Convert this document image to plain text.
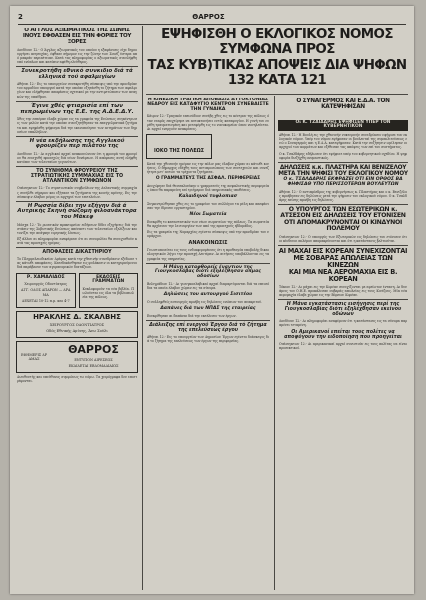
2	ΘΑΡΡΟΣ

Ο ΑΓΓΛΟΣ ΑΞΙΩΜΑΤΙΚΟΣ ΤΗΣ ΣΩΝΗΣ ΙΝΟΥΣ ΕΦΘΑΣΕΝ ΕΙΣ ΤΗΝ ΦΟΡΙΕΣ ΤΟΥ ΞΟΡΕΣ

Λονδίνον 12.- Ο Άγγλος αξιωματικός του οποίου η εξαφάνισις είχε δημιουργήσει ανησυχίας, έφθασε σήμερον εις την ζώνην των Σουέζ ύστερα από μακράν περιπέτειαν. Κατά τας πληροφορίας ο αξιωματικός συνελήφθη υπό ενόπλων και κατόπιν αφέθη ελεύθερος.

Συνεκροτήθη εθνικό συνκιδιο διά τά ελληνικά τού αφαλμιγίων

Αθήναι 12.- Εις το υπουργείον συνεκροτήθη σύσκεψις υπό την προεδρίαν του αρμοδίου υπουργού κατά την οποίαν εξητάσθη το ζήτημα των αφαλμιγίων και ελήφθησαν αποφάσεις σχετικαί με την αντιμετώπισιν των αναγκών της υπαίθρου.

Έγινε χθές φτιαρισία επί των πεπρωμένων της Ε.Ε. της Α.Δ.Ε.Δ.Υ.

Χθες την εσπέραν έλαβε χώραν εις τα γραφεία της Ενώσεως συγκέντρωσις των μελών κατά την οποίαν συνεζητήθησαν τα επαγγελματικά ζητήματα και εψηφίσθη ψήφισμα διά την ικανοποίησιν των αιτημάτων των δημοσίων υπαλλήλων.

Η νέα εκδήλωσης της Αγγλικού φρουρίζεν περ πιλάτου της

Λονδίνον 12.- Αι αγγλικαί αρχαί ανακοινώνουν ότι η φρουρά του φρουρίου θα ενισχυθή προσεχώς διά νέων δυνάμεων. Η απόφασις αυτή ελήφθη κατόπιν των τελευταίων γεγονότων.

ΤΟ ΣΥΝΗΘΜΑ ΦΡΟΥΡΕΙΟΥ ΤΗΣ ΣΤΡΑΤΙΩΤΙΚΗΣ ΣΥΜΜΑΧΙΑΣ ΕΙΣ ΤΟ ΑΤΛΑΝΤΙΚΟΝ ΣΥΜΦΩΝΟΝ

Ουάσιγκτων 12.- Το στρατιωτικόν συμβούλιον της Ατλαντικής συμμαχίας συνήλθε σήμερον και εξήτασε τα ζητήματα της κοινής αμύνης. Εις την σύσκεψιν έλαβον μέρος οι αρχηγοί των επιτελείων.

Η Ρωσσία δίδει την εξήγην διά ά Αυτρικής Σκηνή σώζομη φιλοανάκτορα του Μάκεφ

Μόσχα 12.- Το ρωσσικόν πρακτορείον ειδήσεων δίδει εξηγήσεις διά την στάσιν της Σοβιετικής Ενώσεως απέναντι των τελευταίων εξελίξεων και τονίζει την ανάγκην ειρηνικής λύσεως.

Εξ άλλου αι πληροφορίαι αναφέρουν ότι αι συνομιλίαι θα συνεχισθούν κατά τας προσεχείς ημέρας.

ΑΠΟΦΑΣΕΙΣ ΔΙΚΑΣΤΗΡΙΟΥ

Το Πλημμελειοδικείον Δράμας κατά την χθεσινήν συνεδρίασιν εξέδωσε τας κάτωθι αποφάσεις. Κατεδικάσθησαν εις φυλάκισιν οι κατηγορούμενοι διά παράβασιν των αγορανομικών διατάξεων.

Ρ. ΧΑΜΑΛΙΔΟΣ

Χειρουργός Οδοντίατρος

ΑΓΓ. ΟΔΟΣ ΑΠΑΡΩΝ — ΔΡΑΜΑ

ΔΕΧΕΤΑΙ 10-12 π.μ. και 4-7

ΕΚΔΟΣΕΙΣ ΓΡΑΜΜΑΤΩΝ

Κυκλοφορούν τα νέα βιβλία. Πωλούνται εις όλα τα βιβλιοπωλεία της πόλεως.

ΗΡΑΚΛΗΣ Δ. ΣΚΑΛΒΗΣ

ΧΕΙΡΟΥΡΓΟΣ ΟΔΟΝΤΙΑΤΡΟΣ

Οδός Εθνικής Αμύνης, Άνω Σούλι

ΕΦΗΜΕΡΙΣ ΔΡΑΜΑΣ

ΘΑΡΡΟΣ

ΕΝΤΥΠΟΝ ΑΙΡΕΣΕΩΣ

ΕΚΔΙΔΕΤΑΙ ΕΒΔΟΜΑΔΙΑΙΩΣ

Διευθυντής και υπεύθυνος συμφώνως τω νόμω. Τα χειρόγραφα δεν επιστρέφονται.

ΕΨΗΦΙΣΘΗ Ο ΕΚΛΟΓΙΚΟΣ ΝΟΜΟΣ ΣΥΜΦΩΝΑ ΠΡΟΣ

ΤΑΣ ΚΥΒ)ΤΙΚΑΣ ΑΠΟΨΕΙΣ ΔΙΑ ΨΗΦΩΝ 132 ΚΑΤΑ 121

Η ΚΙΝΕΖΙΚΗ ΤΡΑΓΙΚΗ ΑΠΟΒΑΣΙΣ ΑΥΤΟΚΤΟΝΙΑΣ ΝΕΑΡΟΥ ΕΙΣ ΚΑΤΑΦΥΓΙΟ ΚΕΝΤΡΟΝ ΣΥΝΕΒΑΙΣΤΕ ΤΗΝ ΓΥΝΑΙΚΑ

Κάιρον 12.- Τραγικόν επεισόδιον συνέβη χθες εις το κέντρον της πόλεως όταν νεαρός επεχείρησε να αυτοκτονήσει εντός καταφυγίου. Η γυνή του ευρέθη τραυματισμένη και μετεφέρθη εις το νοσοκομείον όπου νοσηλεύεται. Αι αρχαί ενεργούν ανακρίσεις.

ΙΟΚΟ ΤΗΣ ΠΟΛΕΩΣ

Κατά την χθεσινήν ημέραν εις την πόλιν μας έλαβον χώραν αι κάτωθι κινήσεις. Ο δήμαρχος εδέχθη τους αντιπροσώπους των συντεχνιών και συνεζήτησε μετ' αυτών τα τρέχοντα ζητήματα.

Ο ΓΡΑΜΜΑΤΕΥΣ ΤΗΣ ΑΣΦΑΛ. ΠΕΡΙΦΕΡΕΙΑΣ

Ανεχώρησε διά Θεσσαλονίκην ο γραμματεύς της ασφαλιστικής περιφερείας όπου θα παραμείνη επί τριήμερον διά υπηρεσιακάς υποθέσεις.

Καλαιδηνοί τυφλοπιασ

Συγκεντρώθησαν χθες εις το γραφείον του συλλόγου τα μέλη και απεφάσισαν την ίδρυσιν εργαστηρίου.

Νέοι Σωματεία

Ενεκρίθη το καταστατικόν των νέων σωματείων της πόλεως. Τα σωματεία θα αρχίσουν την λειτουργίαν των από της προσεχούς εβδομάδος.

Εις τα γραφεία της Νομαρχίας εγένετο σύσκεψις υπό την προεδρίαν του νομάρχου.

ΑΝΑΚΟΙΝΩΣΙΣ

Γνωστοποιείται εις τους ενδιαφερομένους ότι η προθεσμία υποβολής δικαιολογητικών λήγει την προσεχή Δευτέραν. Αι αιτήσεις υποβάλλονται εις τα γραφεία της υπηρεσίας.

Η Μάνη καταφθορείς έναντιον της Γιουγκοσλάβας διότι εξηλέζθησαν απμας οδοσίων

Βελιγράδιον 12.- Αι γιουγκοσλαβικαί αρχαί διαμαρτύρονται διά τα επεισόδια τα οποία έλαβον χώραν εις τα σύνορα.

Δηλώσεις του αυτουργού Σισιτέου

Ο συλληφθείς αυτουργός προέβη εις δηλώσεις ενώπιον του ανακριτού.

Δαπάνες διά των ΝΠΑΣ της εταιρείας

Ενεκρίθησαν αι δαπάναι διά την εκτέλεσιν των έργων.

Διάλειξης επί ενεργού Έργου διά τό ζήτημα της επελεύσεως έργου

Αθήναι 12.- Εις το υπουργείον των Δημοσίων Έργων εγένετο διάσκεψις διά το ζήτημα της επελεύσεως των έργων της περιφερείας.

Ο ΣΥΝΑΓΕΡΜΟΣ ΚΑΙ Ε.Δ.Α. ΤΟΝ ΚΑΤΕΨΗΦΙΣΑΝ

Οι Κ. ΤΖΑΙΔΑΡΗΣ ΕΨΗΦΙΣΕΝ ΥΠΕΡ ΤΟΝ ΚΥΒΕΡΝΗΤΙΚΟΝ

Αθήναι 12.- Η Βουλή εις την χθεσινήν νυκτερινήν συνεδρίασιν εψήφισε τον εκλογικόν νόμον. Υπέρ του νόμου εψήφισαν οι βουλευταί της συμπολιτεύσεως ενώ ο Συναγερμός και η Ε.Δ.Α. κατεψήφισαν. Κατά την συζήτησιν ωμίλησαν οι αρχηγοί των κομμάτων και εξέθεσαν τας απόψεις των επί του συστήματος.

Ο κ. Τσαλδάρης εδήλωσεν ότι εψήφισε υπέρ του κυβερνητικού σχεδίου. Η ψηφοφορία διεξήχθη ονομαστικώς.

ΔΗΛΩΣΕΙΣ κ.κ. ΠΛΑΣΤΗΡΑ ΚΑΙ ΒΕΝΙΖΕΛΟΥ ΜΕΤΑ ΤΗΝ ΨΗΦΙΣΙ ΤΟΥ ΕΚΛΟΓΙΚΟΥ ΝΟΜΟΥ

Ο κ. ΤΣΑΛΔΑΡΗΣ ΕΚΦΡΑΖΕΙ ΟΤΙ ΕΙΝ ΟΡΘΟΣ ΒΑ ΦΗΦΙΣΑΘ ΥΠΟ ΠΕΡΙΣΣΟΤΕΡΩΝ ΒΟΥΛΕΥΤΩΝ

Αθήναι 12.- Ο αντιπρόεδρος της κυβερνήσεως κ. Πλαστήρας και ο κ. Βενιζέλος προέβησαν εις δηλώσεις μετά την ψήφισιν του εκλογικού νόμου. Ο κ. Τσαλδάρης επίσης προέβη εις δηλώσεις.

Ο ΥΠΟΥΡΓΟΣ ΤΩΝ ΕΣΩΤΕΡΙΚΩΝ κ. ΑΤΣΕΣΟΝ ΕΙΣ ΔΗΛΩΣΕΙΣ ΤΟΥ ΕΤΟΝΙΣΕΝ ΟΤΙ ΑΠΟΜΑΚΡΥΝΟΝΤΑΙ ΟΙ ΚΙΝΔΥΝΟΙ ΠΟΛΕΜΟΥ

Ουάσιγκτων 12.- Ο υπουργός των Εξωτερικών εις δηλώσεις του ετόνισεν ότι οι κίνδυνοι πολέμου απομακρύνονται και ότι η κατάστασις βελτιούται.

ΑΙ ΜΑΧΑΙ ΕΙΣ ΚΟΡΕΑΝ ΣΥΝΕΧΙΖΟΝΤΑΙ ΜΕ ΣΟΒΑΡΑΣ ΑΠΩΛΕΙΑΣ ΤΩΝ ΚΙΝΕΖΩΝ

ΚΑΙ ΜΙΑ ΝΕΑ ΑΕΡΟΜΑΧΙΑ ΕΙΣ Β. ΚΟΡΕΑΝ

Τόκιον 12.- Αι μάχαι εις την Κορέαν συνεχίζονται με αμείωτον ένταση. Αι δυνάμεις του Ο.Η.Ε. προκάλεσαν σοβαράς απωλείας εις τους Κινέζους. Μία νέα αερομαχία έλαβε χώραν εις την Βόρειον Κορέαν.

Η Μάνα εγκατάστασις εισήγησις περί της Γιουγκοσλαβίας διότι εξηλέχθησαν εκείνου οδώνων

Λονδίνον 12.- Αι πληροφορίαι αναφέρουν ότι η κατάστασις εις τα σύνορα παραμένει τεταμένη.

Οι Αμερικανοί επείται τους πολίτες να αποφύγουν την ειδοποίηση που προηγείται

Ουάσιγκτων 12.- Αι αμερικανικαί αρχαί συνιστούν εις τους πολίτας να είναι προσεκτικοί.
